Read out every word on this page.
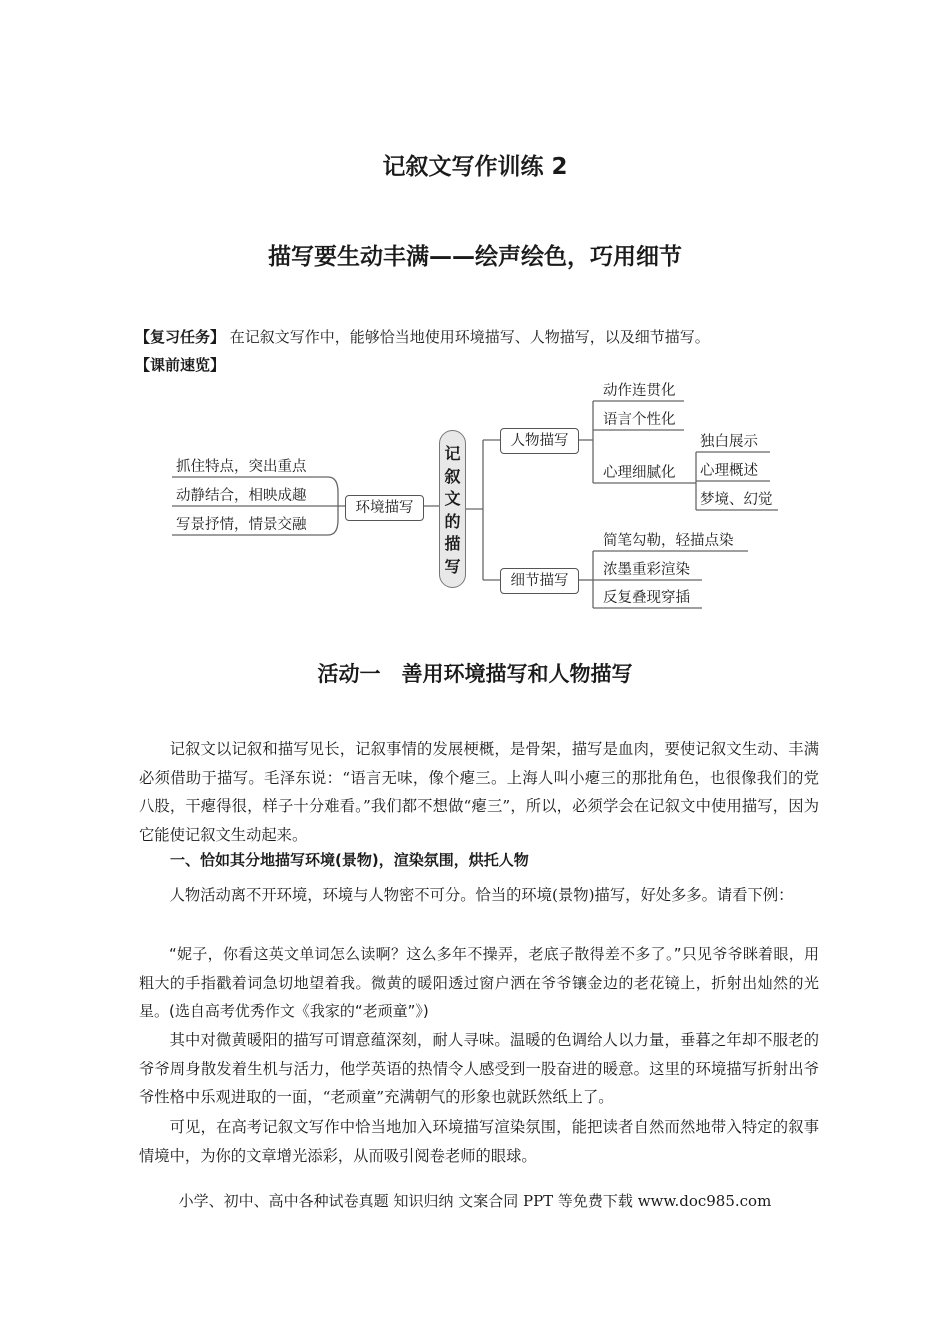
记叙文写作训练 2
描写要生动丰满——绘声绘色，巧用细节
【复习任务】 在记叙文写作中，能够恰当地使用环境描写、人物描写，以及细节描写。
【课前速览】
记叙文的描写
环境描写
抓住特点，突出重点
动静结合，相映成趣
写景抒情，情景交融
人物描写
动作连贯化
语言个性化
心理细腻化
独白展示
心理概述
梦境、幻觉
细节描写
简笔勾勒，轻描点染
浓墨重彩渲染
反复叠现穿插
活动一　善用环境描写和人物描写
记叙文以记叙和描写见长，记叙事情的发展梗概，是骨架，描写是血肉，要使记叙文生动、丰满必须借助于描写。毛泽东说：“语言无味，像个瘪三。上海人叫小瘪三的那批角色，也很像我们的党八股，干瘪得很，样子十分难看。”我们都不想做“瘪三”，所以，必须学会在记叙文中使用描写，因为它能使记叙文生动起来。
一、恰如其分地描写环境(景物)，渲染氛围，烘托人物
人物活动离不开环境，环境与人物密不可分。恰当的环境(景物)描写，好处多多。请看下例：
“妮子，你看这英文单词怎么读啊？这么多年不操弄，老底子散得差不多了。”只见爷爷眯着眼，用粗大的手指戳着词急切地望着我。微黄的暖阳透过窗户洒在爷爷镶金边的老花镜上，折射出灿然的光星。(选自高考优秀作文《我家的“老顽童”》)
其中对微黄暖阳的描写可谓意蕴深刻，耐人寻味。温暖的色调给人以力量，垂暮之年却不服老的爷爷周身散发着生机与活力，他学英语的热情令人感受到一股奋进的暖意。这里的环境描写折射出爷爷性格中乐观进取的一面，“老顽童”充满朝气的形象也就跃然纸上了。
可见，在高考记叙文写作中恰当地加入环境描写渲染氛围，能把读者自然而然地带入特定的叙事情境中，为你的文章增光添彩，从而吸引阅卷老师的眼球。
小学、初中、高中各种试卷真题 知识归纳 文案合同 PPT 等免费下载 www.doc985.com
